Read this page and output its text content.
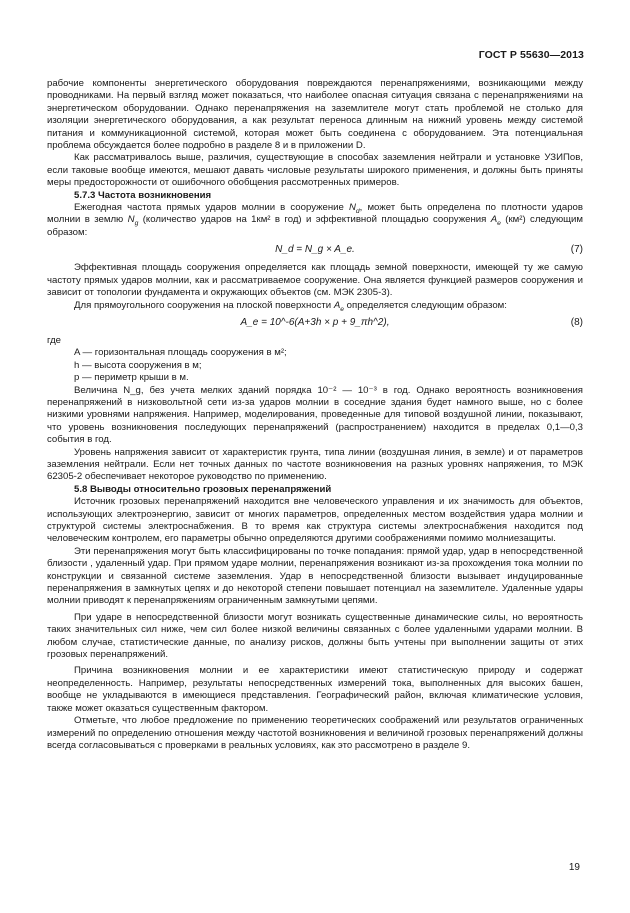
ГОСТ Р 55630—2013

рабочие компоненты энергетического оборудования повреждаются перенапряжениями, возникающими между проводниками. На первый взгляд может показаться, что наиболее опасная ситуация связана с перенапряжениями на энергетическом оборудовании. Однако перенапряжения на заземлителе могут стать проблемой не столько для изоляции энергетического оборудования, а как результат переноса длинным на нижний уровень между системой питания и коммуникационной системой, которая может быть соединена с оборудованием. Эта потенциальная проблема обсуждается более подробно в разделе 8 и в приложении D.

Как рассматривалось выше, различия, существующие в способах заземления нейтрали и установке УЗИПов, если таковые вообще имеются, мешают давать числовые результаты широкого применения, и должны быть приняты меры предосторожности от ошибочного обобщения рассмотренных примеров.

5.7.3 Частота возникновения

Ежегодная частота прямых ударов молнии в сооружение $N_d$, может быть определена по плотности ударов молнии в землю $N_g$ (количество ударов на 1км² в год) и эффективной площадью сооружения $A_e$ (км²) следующим образом:

N_d = N_g × A_e.	(7)

Эффективная площадь сооружения определяется как площадь земной поверхности, имеющей ту же самую частоту прямых ударов молнии, как и рассматриваемое сооружение. Она является функцией размеров сооружения и зависит от топологии фундамента и окружающих объектов (см. МЭК 2305-3).

Для прямоугольного сооружения на плоской поверхности $A_e$ определяется следующим образом:

A_e = 10^-6(A+3h × p + 9_πh^2),	(8)

где

A — горизонтальная площадь сооружения в м²;

h — высота сооружения в м;

p — периметр крыши в м.

Величина N_g, без учета мелких зданий порядка 10⁻² — 10⁻³ в год. Однако вероятность возникновения перенапряжений в низковольтной сети из-за ударов молнии в соседние здания будет намного выше, но с более низкими уровнями напряжения. Например, моделирования, проведенные для типовой воздушной линии, показывают, что уровень возникновения последующих перенапряжений (распространением) находится в пределах 0,1—0,3 события в год.

Уровень напряжения зависит от характеристик грунта, типа линии (воздушная линия, в земле) и от параметров заземления нейтрали. Если нет точных данных по частоте возникновения на разных уровнях напряжения, то МЭК 62305-2 обеспечивает некоторое руководство по применению.

5.8 Выводы относительно грозовых перенапряжений

Источник грозовых перенапряжений находится вне человеческого управления и их значимость для объектов, использующих электроэнергию, зависит от многих параметров, определенных местом воздействия удара молнии и структурой системы электроснабжения. В то время как структура системы электроснабжения находится под человеческим контролем, его параметры обычно определяются другими соображениями помимо молниезащиты.

Эти перенапряжения могут быть классифицированы по точке попадания: прямой удар, удар в непосредственной близости , удаленный удар. При прямом ударе молнии, перенапряжения возникают из-за прохождения тока молнии по конструкции и связанной системе заземления. Удар в непосредственной близости вызывает индуцированные перенапряжения в замкнутых цепях и до некоторой степени повышает потенциал на заземлителе. Удаленные удары молнии приводят к перенапряжениям ограниченным замкнутыми цепями.

При ударе в непосредственной близости могут возникать существенные динамические силы, но вероятность таких значительных сил ниже, чем сил более низкой величины связанных с более удаленными ударами молнии. В любом случае, статистические данные, по анализу рисков, должны быть учтены при выполнении защиты от этих грозовых перенапряжений.

Причина возникновения молнии и ее характеристики имеют статистическую природу и содержат неопределенность. Например, результаты непосредственных измерений тока, выполненных для высоких башен, вообще не укладываются в имеющиеся представления. Географический район, включая климатические условия, также может оказаться существенным фактором.

Отметьте, что любое предложение по применению теоретических соображений или результатов ограниченных измерений по определению отношения между частотой возникновения и величиной грозовых перенапряжений должны всегда согласовываться с проверками в реальных условиях, как это рассмотрено в разделе 9.

19
